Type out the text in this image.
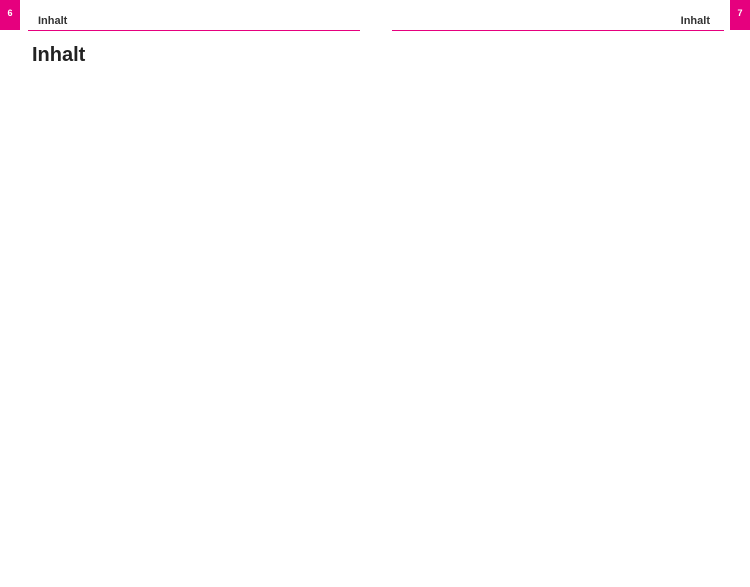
6
Inhalt	Inhalt
7
Inhalt
